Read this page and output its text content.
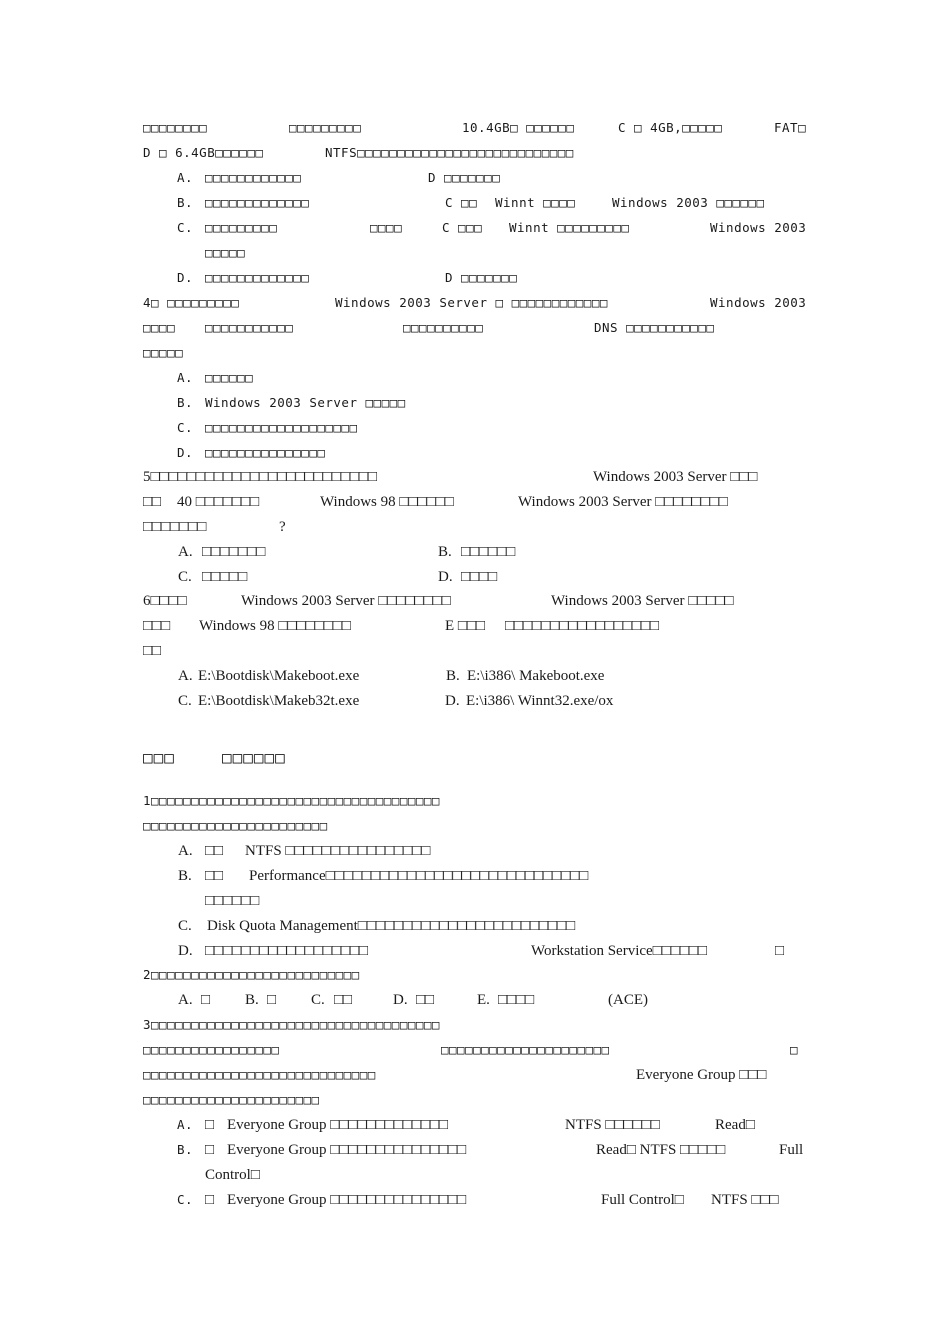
□□□□□□□□	□□□□□□□□□	10.4GB□ □□□□□□	C □ 4GB,□□□□□	FAT□
D □ 6.4GB□□□□□□	NTFS□□□□□□□□□□□□□□□□□□□□□□□□□□□
A. □□□□□□□□□□□□	D □□□□□□□
B. □□□□□□□□□□□□□	C □□ Winnt □□□□	Windows 2003 □□□□□□
C. □□□□□□□□□	□□□□	C □□□ Winnt □□□□□□□□□	Windows 2003
□□□□□
D. □□□□□□□□□□□□□	D □□□□□□□
4□ □□□□□□□□□	Windows 2003 Server □ □□□□□□□□□□□□	Windows 2003
□□□□ □□□□□□□□□□□	□□□□□□□□□□	DNS □□□□□□□□□□□
□□□□□
A. □□□□□□
B. Windows 2003 Server □□□□□
C. □□□□□□□□□□□□□□□□□□□
D. □□□□□□□□□□□□□□□
5□□□□□□□□□□□□□□□□□□□□□□□□□	Windows 2003 Server □□□
□□ 40 □□□□□□□	Windows 98 □□□□□□	Windows 2003 Server □□□□□□□□
□□□□□□□	?
A. □□□□□□□	B. □□□□□□
C. □□□□□	D. □□□□
6□□□□	Windows 2003 Server □□□□□□□□	Windows 2003 Server □□□□□
□□□ Windows 98 □□□□□□□□	E □□□ □□□□□□□□□□□□□□□□□
□□
A. E:\Bootdisk\Makeboot.exe	B. E:\i386\ Makeboot.exe
C. E:\Bootdisk\Makeb32t.exe	D. E:\i386\ Winnt32.exe/ox
□□□	□□□□□□
1□□□□□□□□□□□□□□□□□□□□□□□□□□□□□□□□□□□□
□□□□□□□□□□□□□□□□□□□□□□□
A. □□ NTFS □□□□□□□□□□□□□□□□
B. □□ Performance□□□□□□□□□□□□□□□□□□□□□□□□□□□□□
□□□□□□
C. Disk Quota Management□□□□□□□□□□□□□□□□□□□□□□□□
D. □□□□□□□□□□□□□□□□□□	Workstation Service□□□□□□	□
2□□□□□□□□□□□□□□□□□□□□□□□□□□
A. □ B. □ C. □□	D. □□	E. □□□□	(ACE)
3□□□□□□□□□□□□□□□□□□□□□□□□□□□□□□□□□□□□
□□□□□□□□□□□□□□□□□	□□□□□□□□□□□□□□□□□□□□□	□
□□□□□□□□□□□□□□□□□□□□□□□□□□□□□	Everyone Group □□□
□□□□□□□□□□□□□□□□□□□□□□
A. □ Everyone Group □□□□□□□□□□□□□	NTFS □□□□□□	Read□
B. □ Everyone Group □□□□□□□□□□□□□□□	Read□ NTFS □□□□□	Full
Control□
C. □ Everyone Group □□□□□□□□□□□□□□□	Full Control□ NTFS □□□
